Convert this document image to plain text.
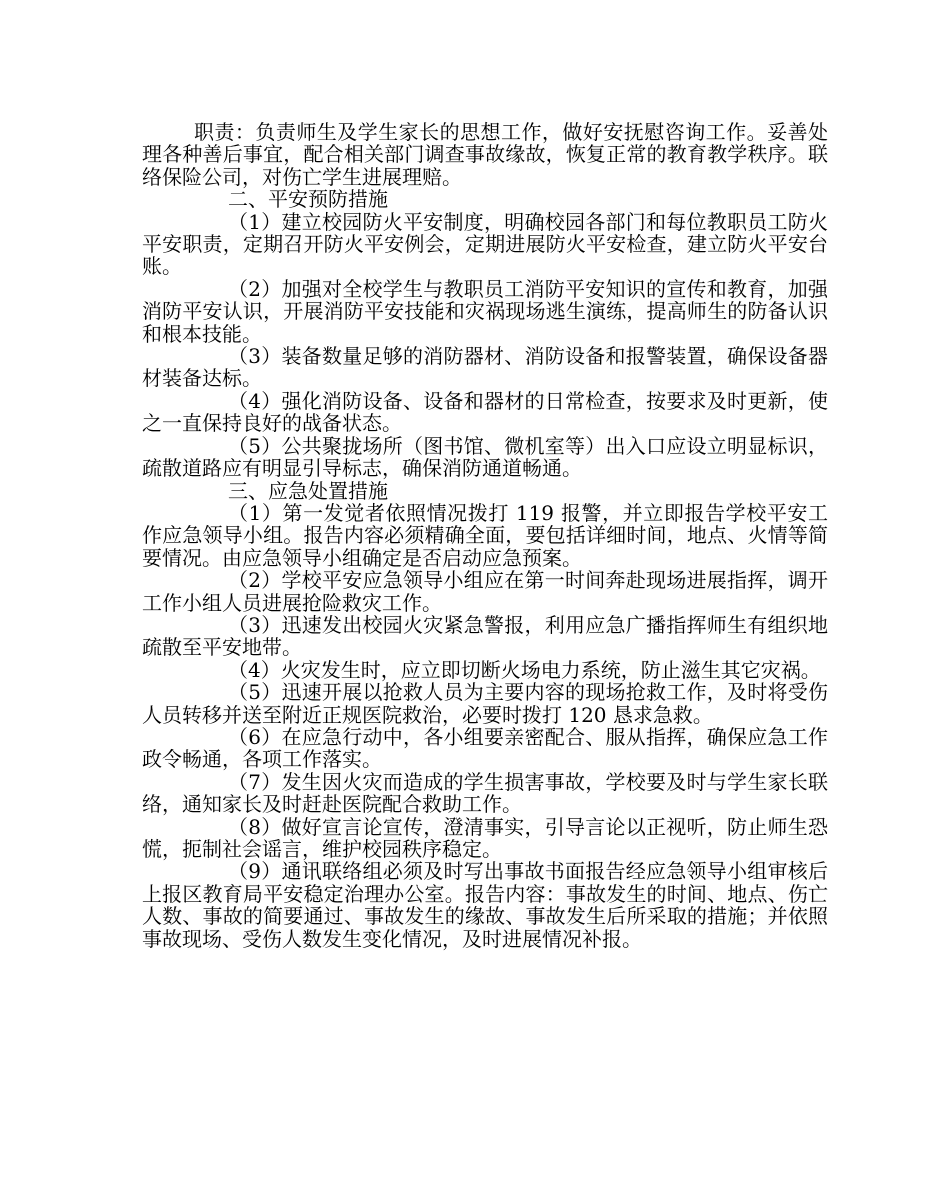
职责：负责师生及学生家长的思想工作，做好安抚慰咨询工作。妥善处理各种善后事宜，配合相关部门调查事故缘故，恢复正常的教育教学秩序。联络保险公司，对伤亡学生进展理赔。

二、平安预防措施

（1）建立校园防火平安制度，明确校园各部门和每位教职员工防火平安职责，定期召开防火平安例会，定期进展防火平安检查，建立防火平安台账。

（2）加强对全校学生与教职员工消防平安知识的宣传和教育，加强消防平安认识，开展消防平安技能和灾祸现场逃生演练，提高师生的防备认识和根本技能。

（3）装备数量足够的消防器材、消防设备和报警装置，确保设备器材装备达标。

（4）强化消防设备、设备和器材的日常检查，按要求及时更新，使之一直保持良好的战备状态。

（5）公共聚拢场所（图书馆、微机室等）出入口应设立明显标识，疏散道路应有明显引导标志，确保消防通道畅通。

三、应急处置措施

（1）第一发觉者依照情况拨打 119 报警，并立即报告学校平安工作应急领导小组。报告内容必须精确全面，要包括详细时间，地点、火情等简要情况。由应急领导小组确定是否启动应急预案。

（2）学校平安应急领导小组应在第一时间奔赴现场进展指挥，调开工作小组人员进展抢险救灾工作。

（3）迅速发出校园火灾紧急警报，利用应急广播指挥师生有组织地疏散至平安地带。

（4）火灾发生时，应立即切断火场电力系统，防止滋生其它灾祸。

（5）迅速开展以抢救人员为主要内容的现场抢救工作，及时将受伤人员转移并送至附近正规医院救治，必要时拨打 120 恳求急救。

（6）在应急行动中，各小组要亲密配合、服从指挥，确保应急工作政令畅通，各项工作落实。

（7）发生因火灾而造成的学生损害事故，学校要及时与学生家长联络，通知家长及时赶赴医院配合救助工作。

（8）做好宣言论宣传，澄清事实，引导言论以正视听，防止师生恐慌，扼制社会谣言，维护校园秩序稳定。

（9）通讯联络组必须及时写出事故书面报告经应急领导小组审核后上报区教育局平安稳定治理办公室。报告内容：事故发生的时间、地点、伤亡人数、事故的简要通过、事故发生的缘故、事故发生后所采取的措施；并依照事故现场、受伤人数发生变化情况，及时进展情况补报。
